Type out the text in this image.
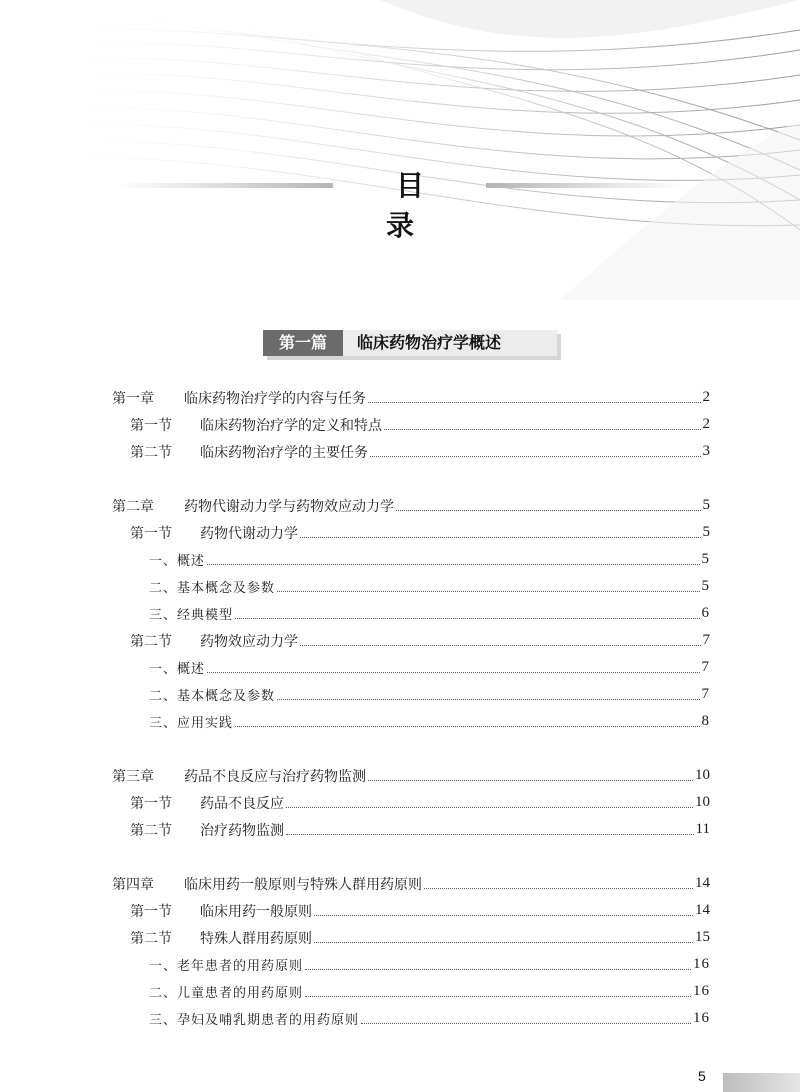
目 录
第一篇	临床药物治疗学概述
第一章 临床药物治疗学的内容与任务	2
第一节 临床药物治疗学的定义和特点	2
第二节 临床药物治疗学的主要任务	3
第二章 药物代谢动力学与药物效应动力学	5
第一节 药物代谢动力学	5
一、概述	5
二、基本概念及参数	5
三、经典模型	6
第二节 药物效应动力学	7
一、概述	7
二、基本概念及参数	7
三、应用实践	8
第三章 药品不良反应与治疗药物监测	10
第一节 药品不良反应	10
第二节 治疗药物监测	11
第四章 临床用药一般原则与特殊人群用药原则	14
第一节 临床用药一般原则	14
第二节 特殊人群用药原则	15
一、老年患者的用药原则	16
二、儿童患者的用药原则	16
三、孕妇及哺乳期患者的用药原则	16
5
